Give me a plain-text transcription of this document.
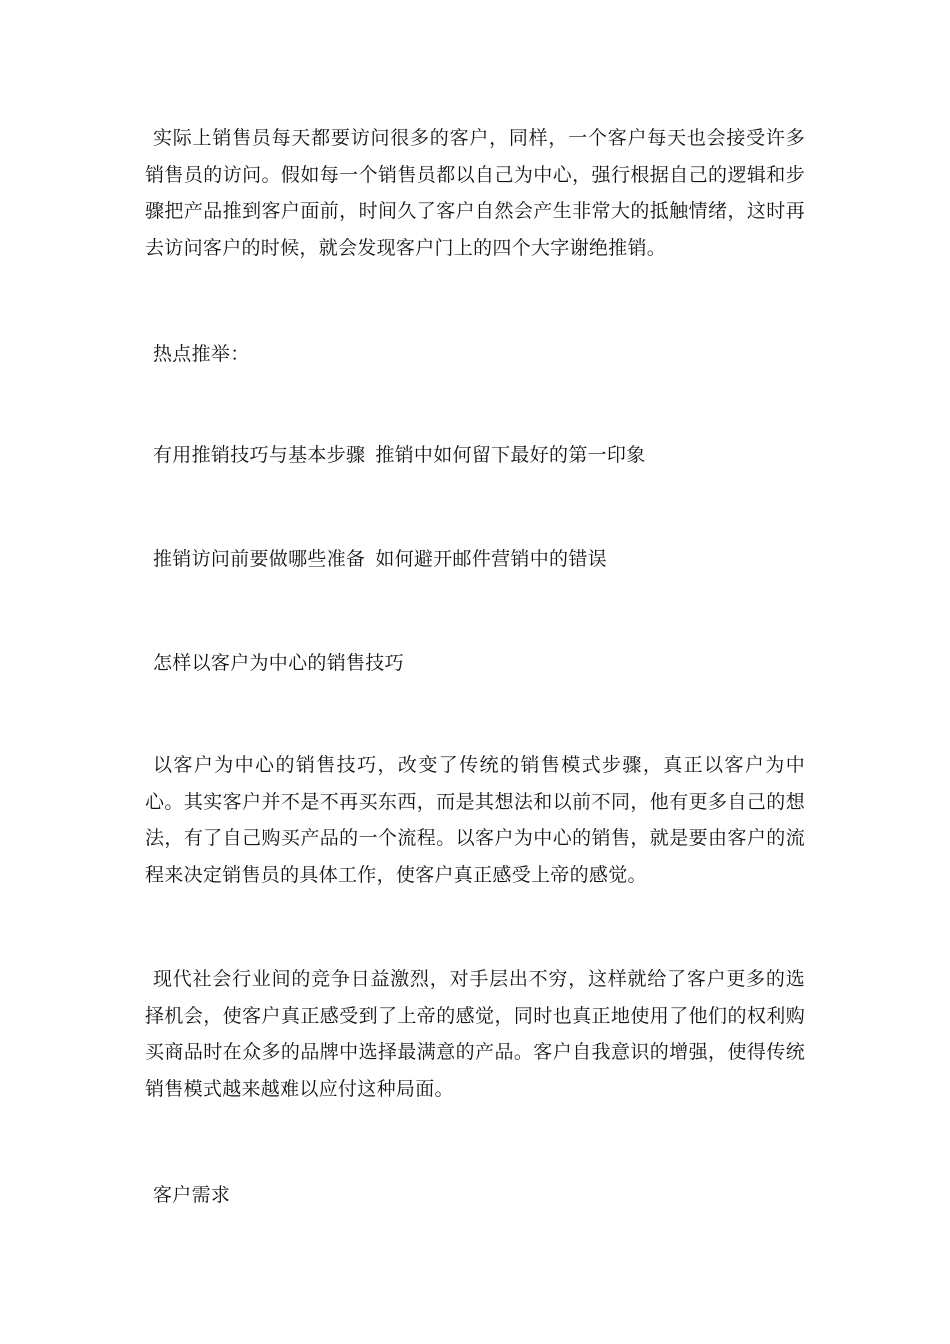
实际上销售员每天都要访问很多的客户，同样，一个客户每天也会接受许多销售员的访问。假如每一个销售员都以自己为中心，强行根据自己的逻辑和步骤把产品推到客户面前，时间久了客户自然会产生非常大的抵触情绪，这时再去访问客户的时候，就会发现客户门上的四个大字谢绝推销。

热点推举：

有用推销技巧与基本步骤 推销中如何留下最好的第一印象

推销访问前要做哪些准备 如何避开邮件营销中的错误

怎样以客户为中心的销售技巧

以客户为中心的销售技巧，改变了传统的销售模式步骤，真正以客户为中心。其实客户并不是不再买东西，而是其想法和以前不同，他有更多自己的想法，有了自己购买产品的一个流程。以客户为中心的销售，就是要由客户的流程来决定销售员的具体工作，使客户真正感受上帝的感觉。

现代社会行业间的竞争日益激烈，对手层出不穷，这样就给了客户更多的选择机会，使客户真正感受到了上帝的感觉，同时也真正地使用了他们的权利购买商品时在众多的品牌中选择最满意的产品。客户自我意识的增强，使得传统销售模式越来越难以应付这种局面。

客户需求
